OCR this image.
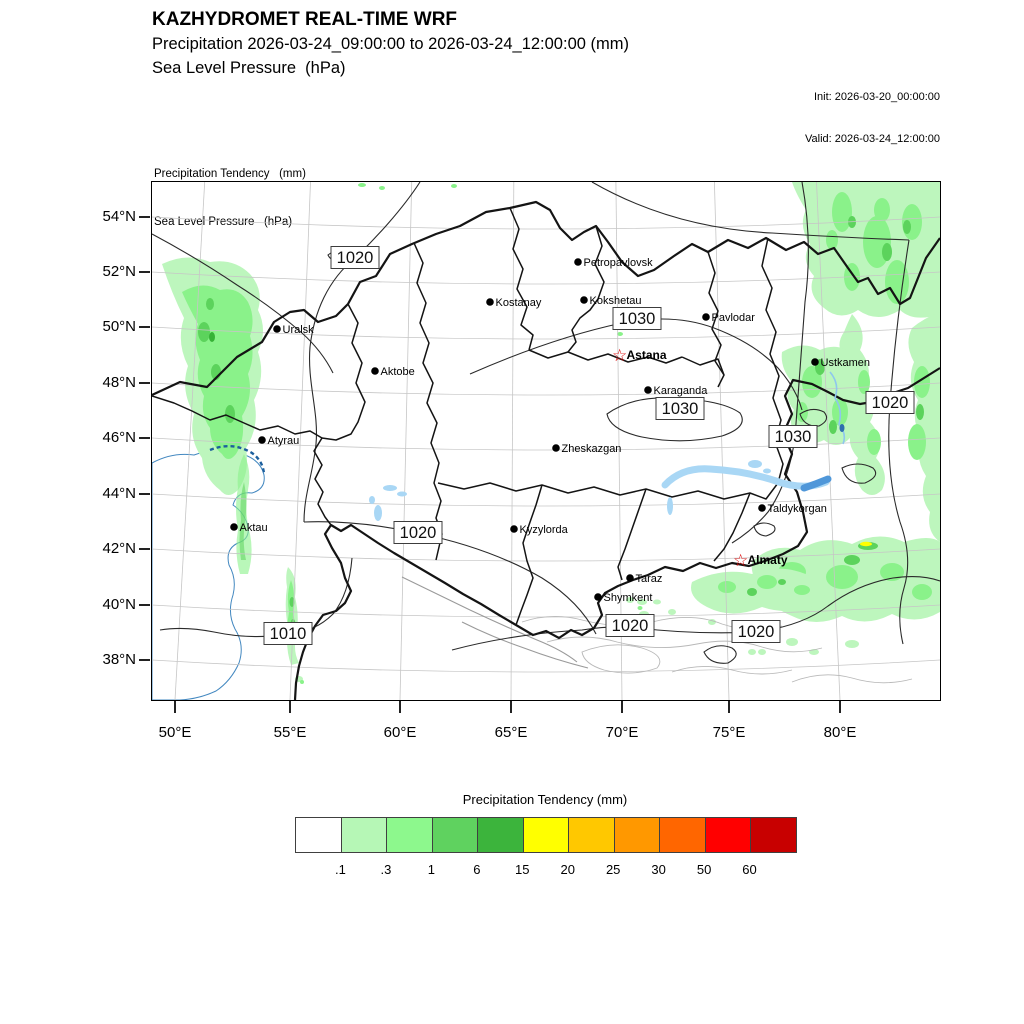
KAZHYDROMET REAL-TIME WRF
Precipitation 2026-03-24_09:00:00 to 2026-03-24_12:00:00 (mm)
Sea Level Pressure  (hPa)

Init: 2026-03-20_00:00:00

Valid: 2026-03-24_12:00:00

Precipitation Tendency   (mm)

Sea Level Pressure   (hPa)

1020
1030
1030
1030
1020
1020
1010	1020	1020
Petropavlovsk
Kostanay	Kokshetau
Pavlodar
Ustkamen
☆ Astana
Uralsk
Aktobe
Karaganda
Atyrau
Zheskazgan
Taldykorgan
Aktau	Kyzylorda
☆ Almaty
Taraz
Shymkent
54°N
52°N
50°N
48°N
46°N
44°N
42°N
40°N
38°N
50°E	55°E	60°E	65°E	70°E	75°E	80°E
Precipitation Tendency (mm)
.1	.3	1	6	15	20	25	30	50	60
